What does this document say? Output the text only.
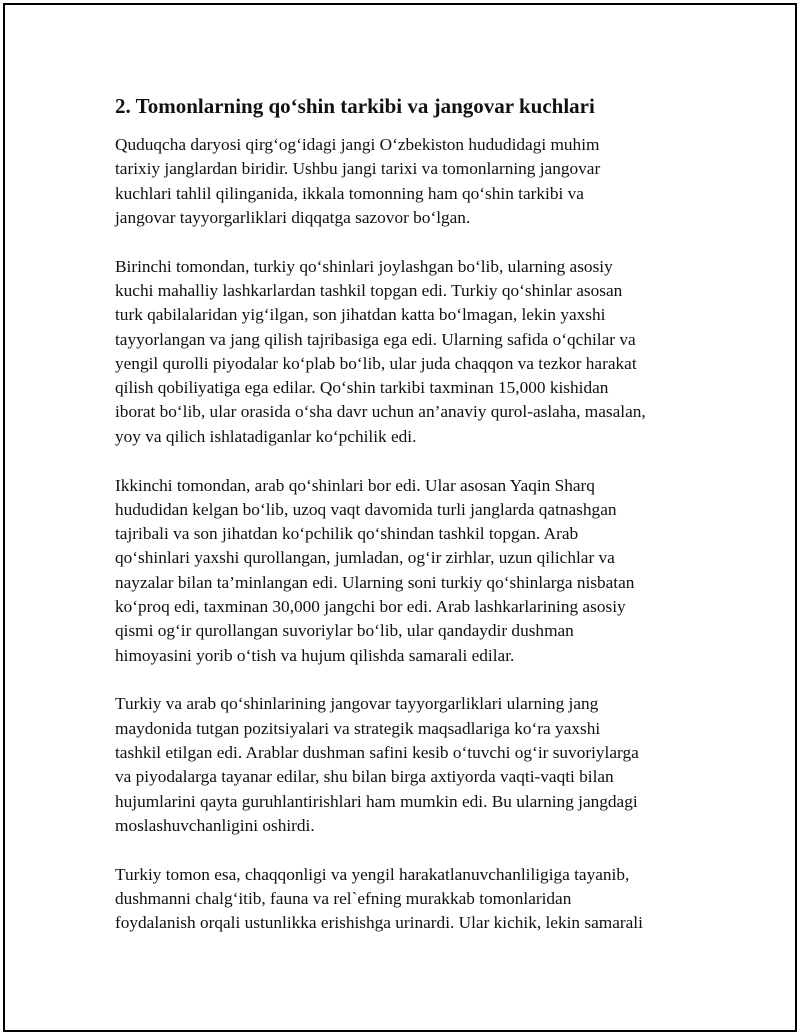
2. Tomonlarning qo‘shin tarkibi va jangovar kuchlari
Quduqcha daryosi qirg‘og‘idagi jangi O‘zbekiston hududidagi muhim
tarixiy janglardan biridir. Ushbu jangi tarixi va tomonlarning jangovar
kuchlari tahlil qilinganida, ikkala tomonning ham qo‘shin tarkibi va
jangovar tayyorgarliklari diqqatga sazovor bo‘lgan.
Birinchi tomondan, turkiy qo‘shinlari joylashgan bo‘lib, ularning asosiy
kuchi mahalliy lashkarlardan tashkil topgan edi. Turkiy qo‘shinlar asosan
turk qabilalaridan yig‘ilgan, son jihatdan katta bo‘lmagan, lekin yaxshi
tayyorlangan va jang qilish tajribasiga ega edi. Ularning safida o‘qchilar va
yengil qurolli piyodalar ko‘plab bo‘lib, ular juda chaqqon va tezkor harakat
qilish qobiliyatiga ega edilar. Qo‘shin tarkibi taxminan 15,000 kishidan
iborat bo‘lib, ular orasida o‘sha davr uchun an’anaviy qurol-aslaha, masalan,
yoy va qilich ishlatadiganlar ko‘pchilik edi.
Ikkinchi tomondan, arab qo‘shinlari bor edi. Ular asosan Yaqin Sharq
hududidan kelgan bo‘lib, uzoq vaqt davomida turli janglarda qatnashgan
tajribali va son jihatdan ko‘pchilik qo‘shindan tashkil topgan. Arab
qo‘shinlari yaxshi qurollangan, jumladan, og‘ir zirhlar, uzun qilichlar va
nayzalar bilan ta’minlangan edi. Ularning soni turkiy qo‘shinlarga nisbatan
ko‘proq edi, taxminan 30,000 jangchi bor edi. Arab lashkarlarining asosiy
qismi og‘ir qurollangan suvoriylar bo‘lib, ular qandaydir dushman
himoyasini yorib o‘tish va hujum qilishda samarali edilar.
Turkiy va arab qo‘shinlarining jangovar tayyorgarliklari ularning jang
maydonida tutgan pozitsiyalari va strategik maqsadlariga ko‘ra yaxshi
tashkil etilgan edi. Arablar dushman safini kesib o‘tuvchi og‘ir suvoriylarga
va piyodalarga tayanar edilar, shu bilan birga axtiyorda vaqti-vaqti bilan
hujumlarini qayta guruhlantirishlari ham mumkin edi. Bu ularning jangdagi
moslashuvchanligini oshirdi.
Turkiy tomon esa, chaqqonligi va yengil harakatlanuvchanliligiga tayanib,
dushmanni chalg‘itib, fauna va rel`efning murakkab tomonlaridan
foydalanish orqali ustunlikka erishishga urinardi. Ular kichik, lekin samarali
